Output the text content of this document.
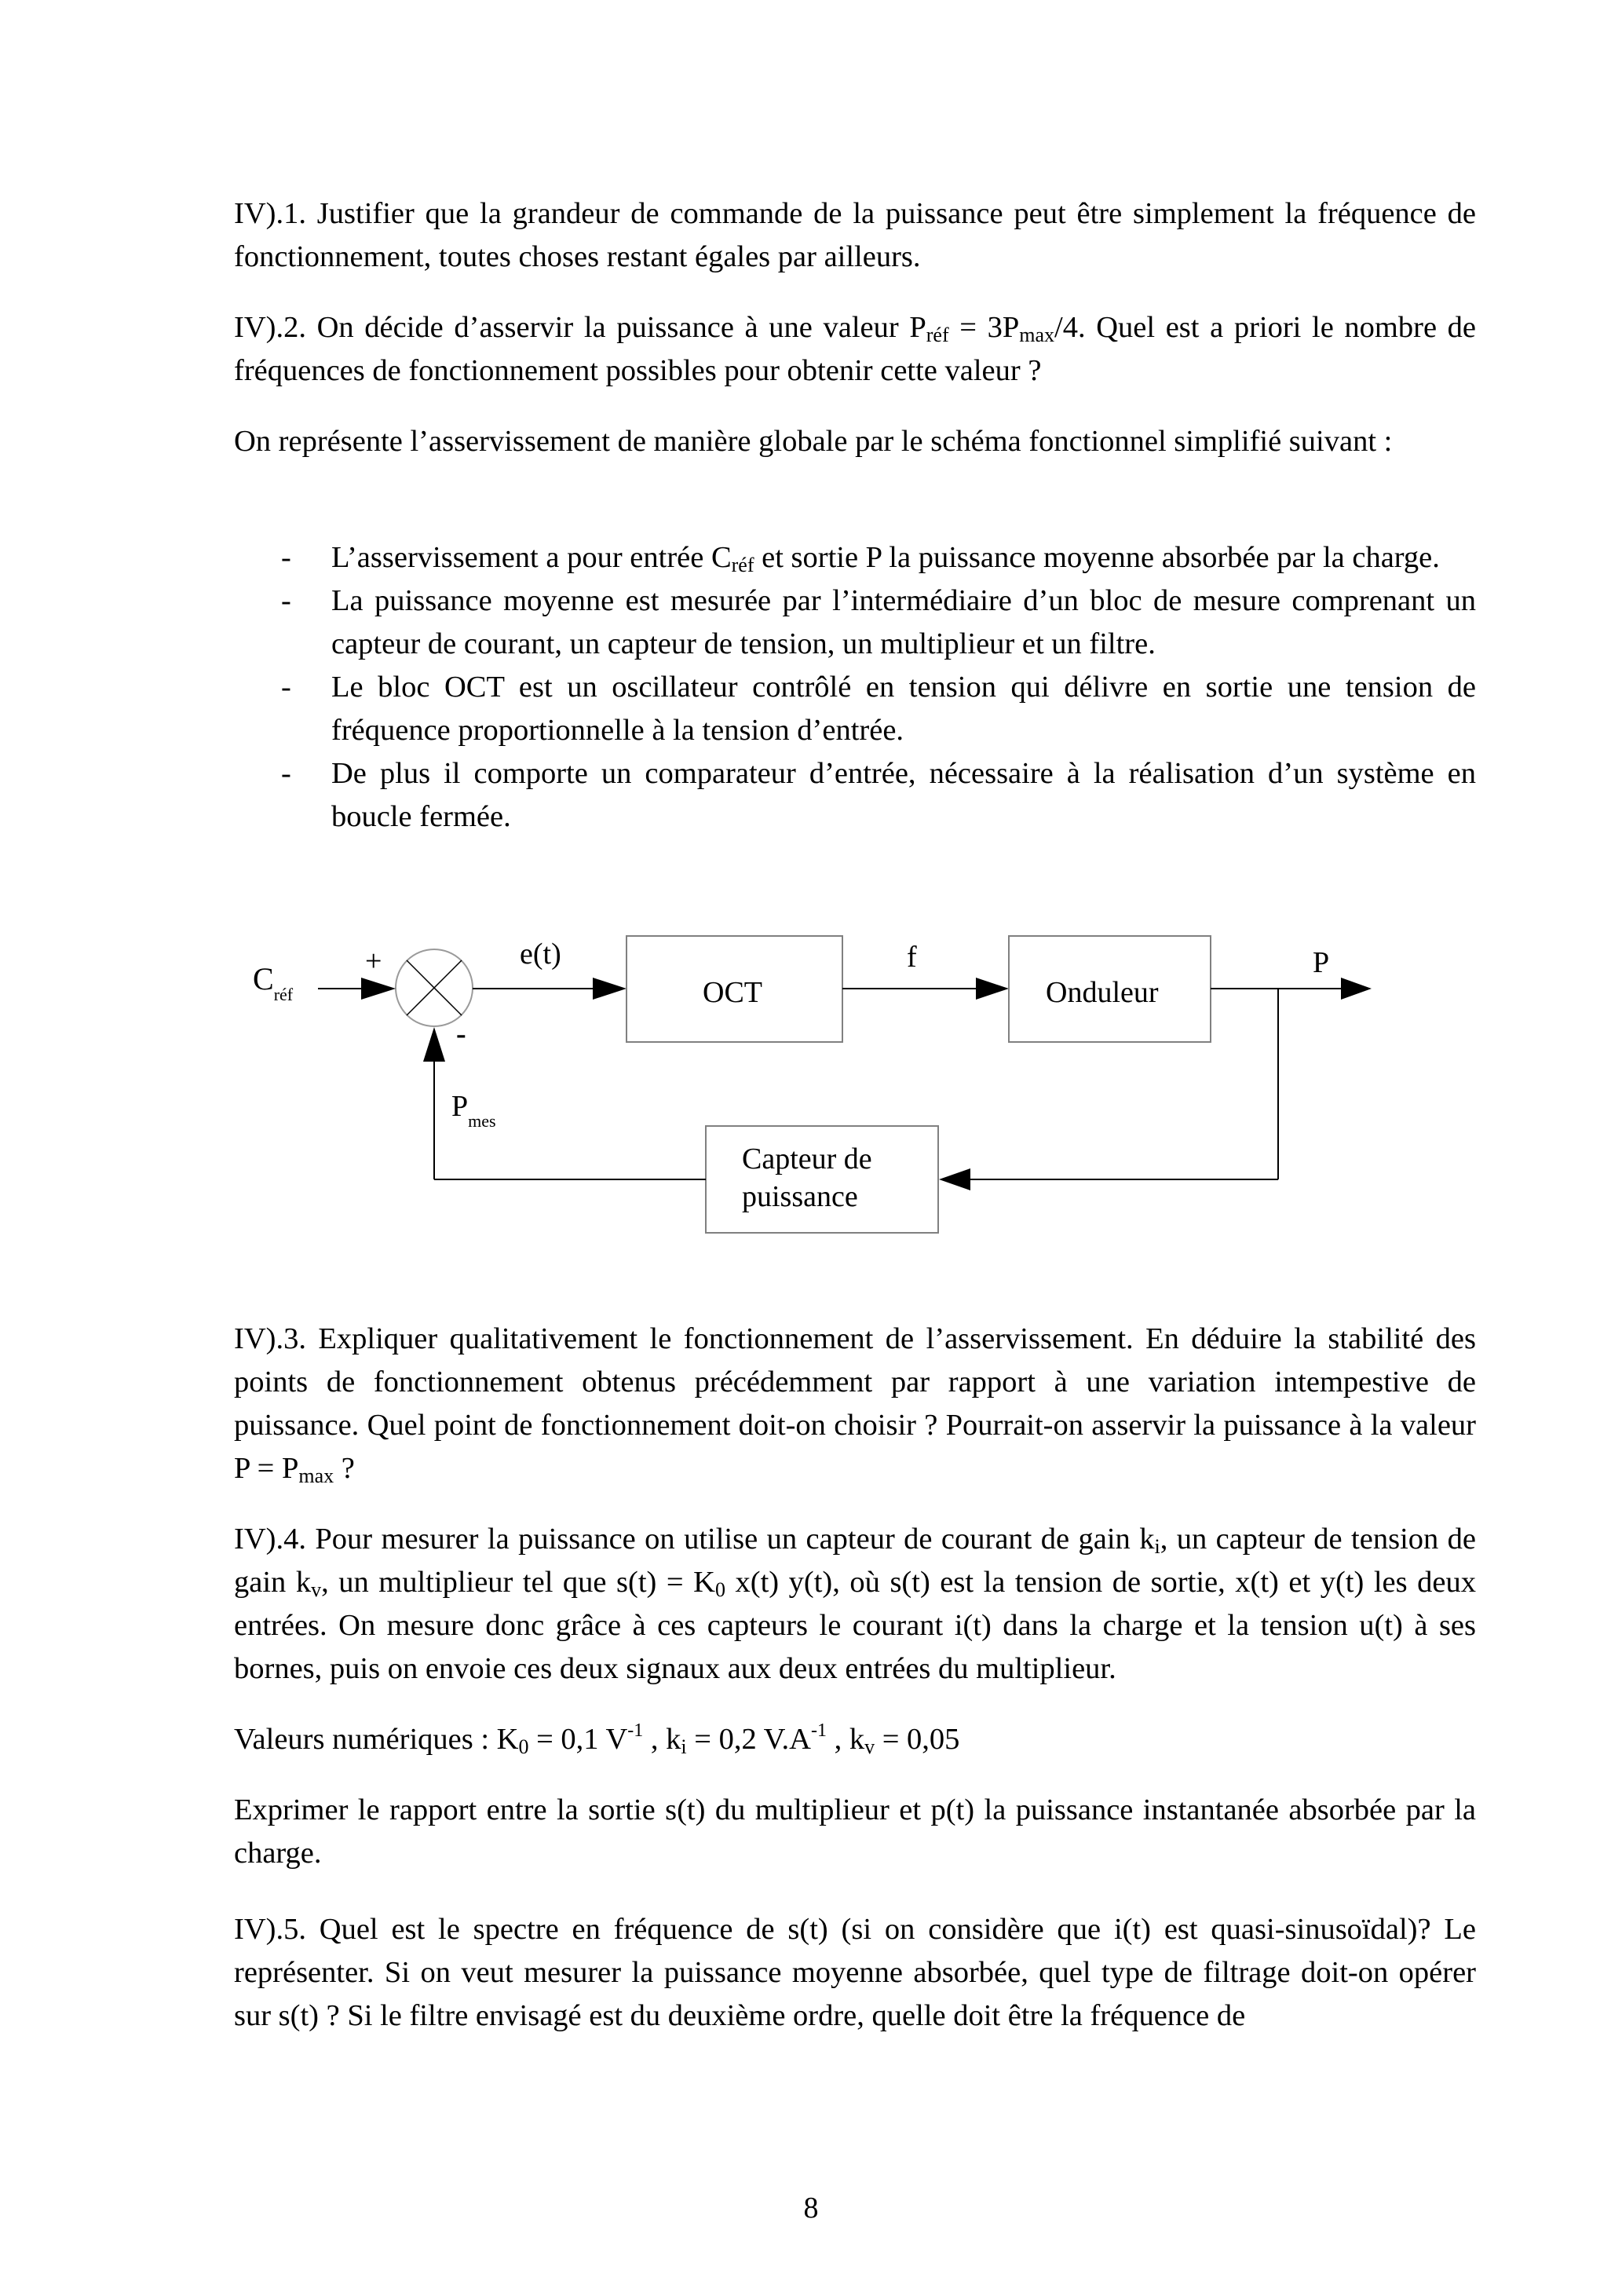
IV).1. Justifier que la grandeur de commande de la puissance peut être simplement la fréquence de fonctionnement, toutes choses restant égales par ailleurs.

IV).2. On décide d’asservir la puissance à une valeur $P_{réf} = 3P_{max}/4$. Quel est a priori le nombre de fréquences de fonctionnement possibles pour obtenir cette valeur ?

On représente l’asservissement de manière globale par le schéma fonctionnel simplifié suivant :

- L’asservissement a pour entrée $C_{réf}$ et sortie P la puissance moyenne absorbée par la charge.
- La puissance moyenne est mesurée par l’intermédiaire d’un bloc de mesure comprenant un capteur de courant, un capteur de tension, un multiplieur et un filtre.
- Le bloc OCT est un oscillateur contrôlé en tension qui délivre en sortie une tension de fréquence proportionnelle à la tension d’entrée.
- De plus il comporte un comparateur d’entrée, nécessaire à la réalisation d’un système en boucle fermée.
$C_{réf}$
+
-
e(t)
OCT
f
Onduleur
P
$P_{mes}$
Capteur de
puissance

IV).3. Expliquer qualitativement le fonctionnement de l’asservissement. En déduire la stabilité des points de fonctionnement obtenus précédemment par rapport à une variation intempestive de puissance. Quel point de fonctionnement doit-on choisir ? Pourrait-on asservir la puissance à la valeur $P = P_{max}$ ?

IV).4. Pour mesurer la puissance on utilise un capteur de courant de gain $k_i$, un capteur de tension de gain $k_v$, un multiplieur tel que $s(t) = K_0$ x(t) y(t), où s(t) est la tension de sortie, x(t) et y(t) les deux entrées. On mesure donc grâce à ces capteurs le courant i(t) dans la charge et la tension u(t) à ses bornes, puis on envoie ces deux signaux aux deux entrées du multiplieur.

Valeurs numériques : $K_0 = 0,1$ $V^{-1}$ , $k_i = 0,2$ $V.A^{-1}$ , $k_v = 0,05$

Exprimer le rapport entre la sortie s(t) du multiplieur et p(t) la puissance instantanée absorbée par la charge.

IV).5. Quel est le spectre en fréquence de s(t) (si on considère que i(t) est quasi-sinusoïdal)? Le représenter. Si on veut mesurer la puissance moyenne absorbée, quel type de filtrage doit-on opérer sur s(t) ? Si le filtre envisagé est du deuxième ordre, quelle doit être la fréquence de

8
